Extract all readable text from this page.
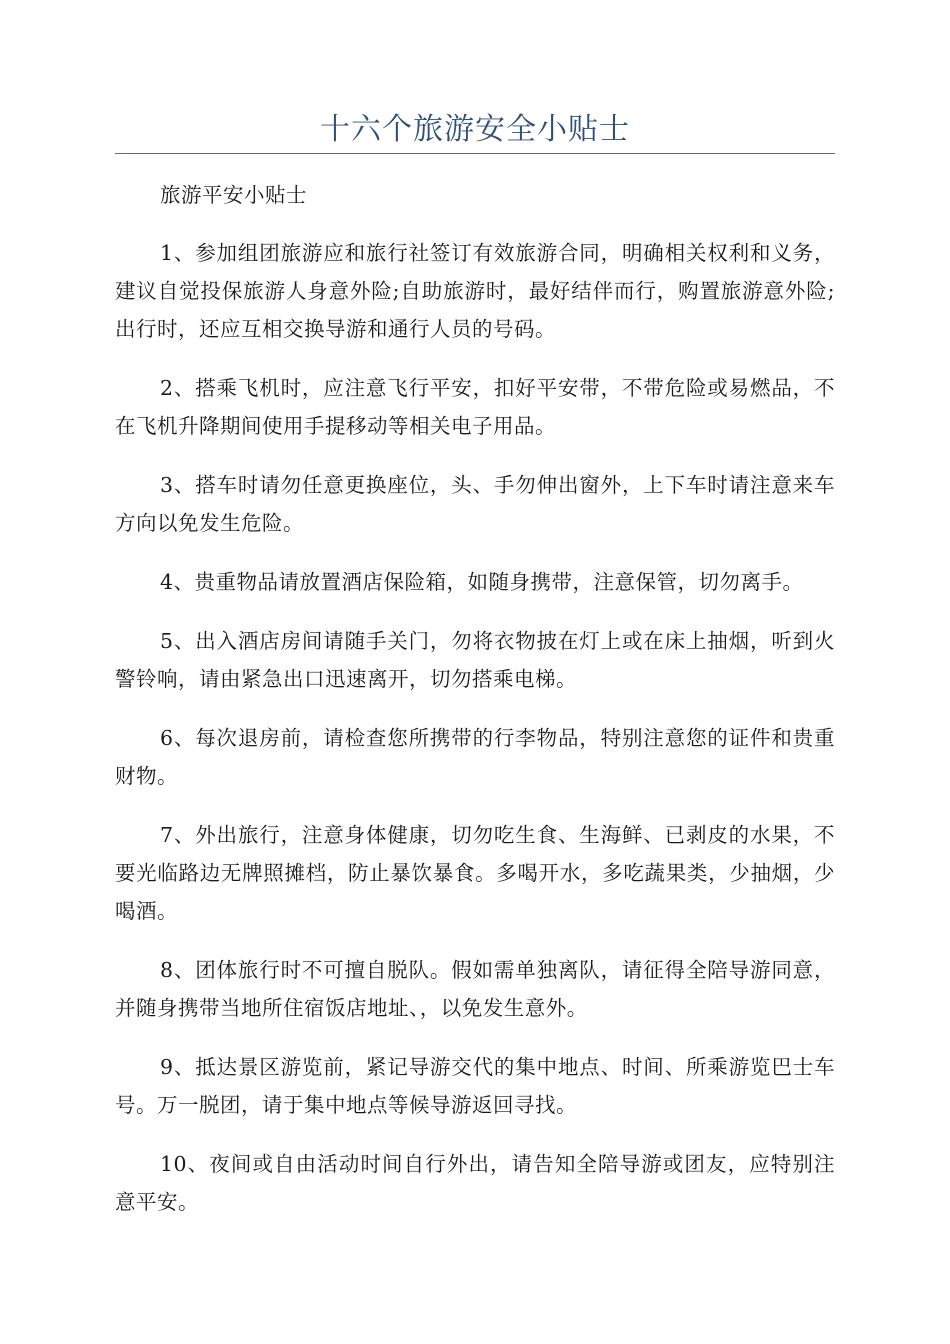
十六个旅游安全小贴士

旅游平安小贴士

1、参加组团旅游应和旅行社签订有效旅游合同，明确相关权利和义务，建议自觉投保旅游人身意外险;自助旅游时，最好结伴而行，购置旅游意外险;出行时，还应互相交换导游和通行人员的号码。

2、搭乘飞机时，应注意飞行平安，扣好平安带，不带危险或易燃品，不在飞机升降期间使用手提移动等相关电子用品。

3、搭车时请勿任意更换座位，头、手勿伸出窗外，上下车时请注意来车方向以免发生危险。

4、贵重物品请放置酒店保险箱，如随身携带，注意保管，切勿离手。

5、出入酒店房间请随手关门，勿将衣物披在灯上或在床上抽烟，听到火警铃响，请由紧急出口迅速离开，切勿搭乘电梯。

6、每次退房前，请检查您所携带的行李物品，特别注意您的证件和贵重财物。

7、外出旅行，注意身体健康，切勿吃生食、生海鲜、已剥皮的水果，不要光临路边无牌照摊档，防止暴饮暴食。多喝开水，多吃蔬果类，少抽烟，少喝酒。

8、团体旅行时不可擅自脱队。假如需单独离队，请征得全陪导游同意，并随身携带当地所住宿饭店地址、，以免发生意外。

9、抵达景区游览前，紧记导游交代的集中地点、时间、所乘游览巴士车号。万一脱团，请于集中地点等候导游返回寻找。

10、夜间或自由活动时间自行外出，请告知全陪导游或团友，应特别注意平安。
